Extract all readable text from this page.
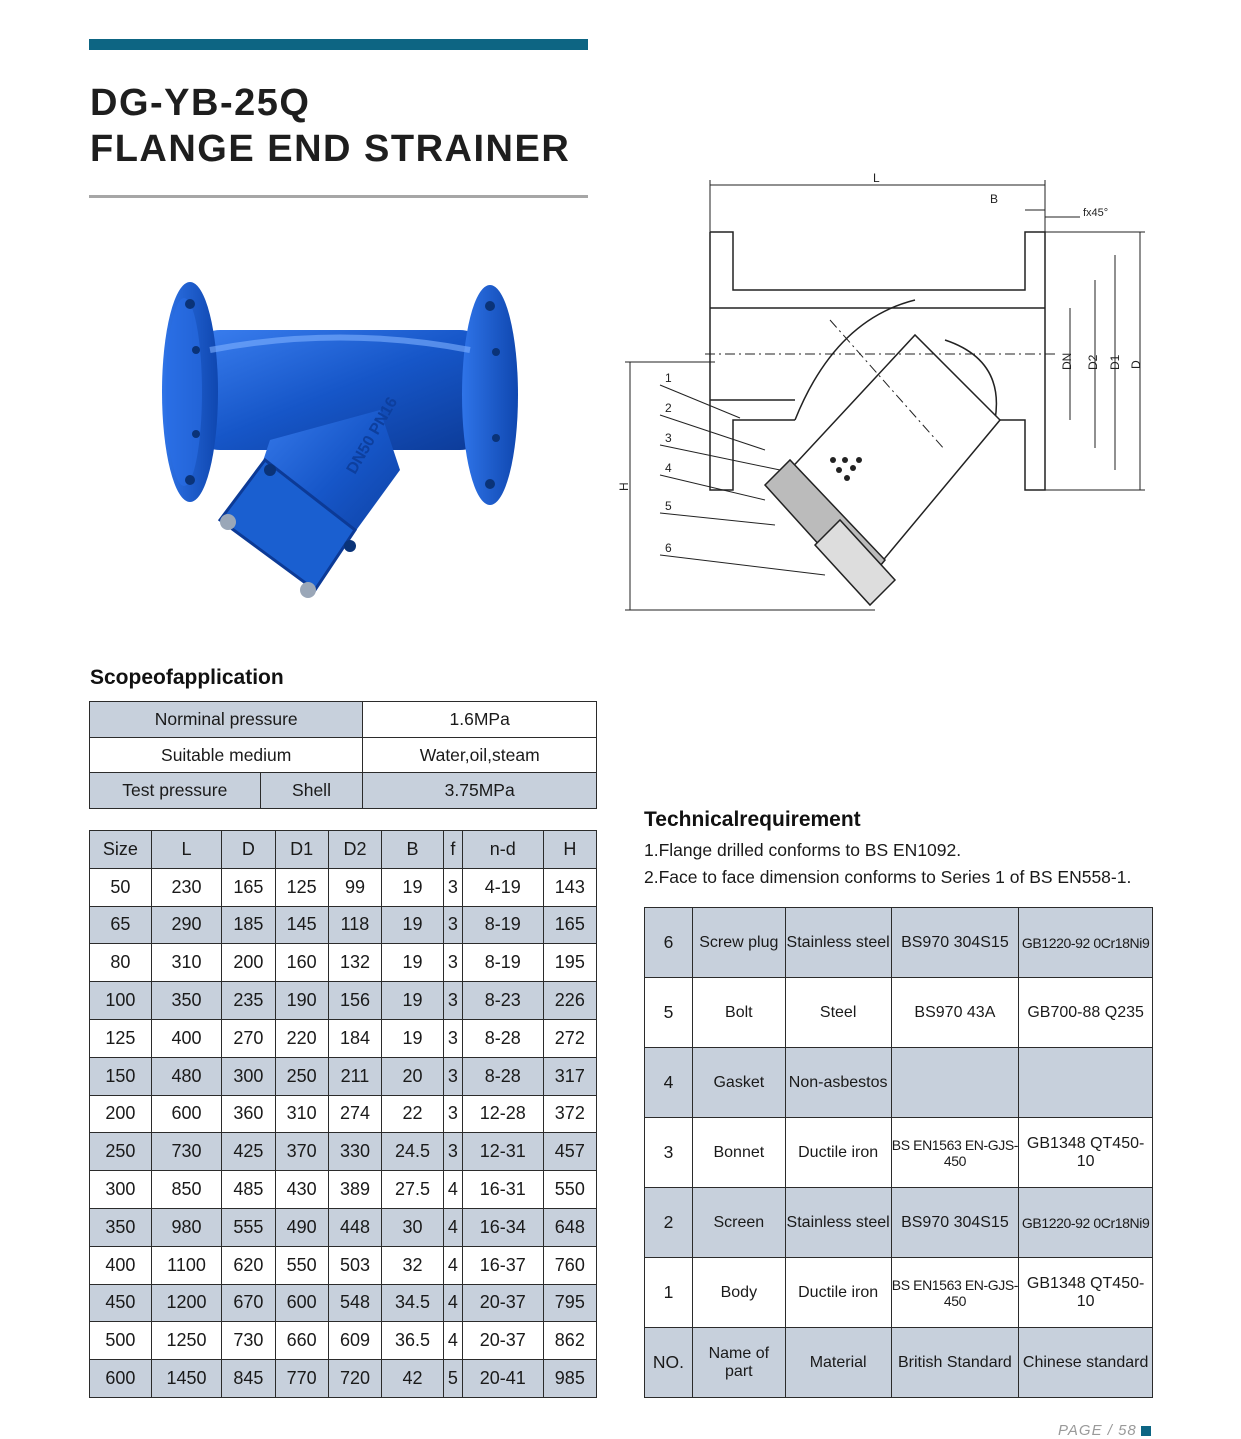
DG-YB-25Q
FLANGE END STRAINER
DN50 PN16
L
B
fx45°
DN D2 D1 D
H
1
2
3
4
5
6
Scopeofapplication
Norminal pressure		1.6MPa
Suitable medium		Water,oil,steam
Test pressure	Shell	3.75MPa
Size	L	D	D1	D2	B	f	n-d	H
50	230	165	125	99	19	3	4-19	143
65	290	185	145	118	19	3	8-19	165
80	310	200	160	132	19	3	8-19	195
100	350	235	190	156	19	3	8-23	226
125	400	270	220	184	19	3	8-28	272
150	480	300	250	211	20	3	8-28	317
200	600	360	310	274	22	3	12-28	372
250	730	425	370	330	24.5	3	12-31	457
300	850	485	430	389	27.5	4	16-31	550
350	980	555	490	448	30	4	16-34	648
400	1100	620	550	503	32	4	16-37	760
450	1200	670	600	548	34.5	4	20-37	795
500	1250	730	660	609	36.5	4	20-37	862
600	1450	845	770	720	42	5	20-41	985
Technicalrequirement
1.Flange drilled conforms to BS EN1092.
2.Face to face dimension conforms to Series 1 of BS EN558-1.
6	Screw plug	Stainless steel	BS970 304S15	GB1220-92 0Cr18Ni9
5	Bolt	Steel	BS970 43A	GB700-88 Q235
4	Gasket	Non-asbestos		
3	Bonnet	Ductile iron	BS EN1563 EN-GJS-450	GB1348 QT450-10
2	Screen	Stainless steel	BS970 304S15	GB1220-92 0Cr18Ni9
1	Body	Ductile iron	BS EN1563 EN-GJS-450	GB1348 QT450-10
NO.	Name of part	Material	British Standard	Chinese standard
PAGE / 58
